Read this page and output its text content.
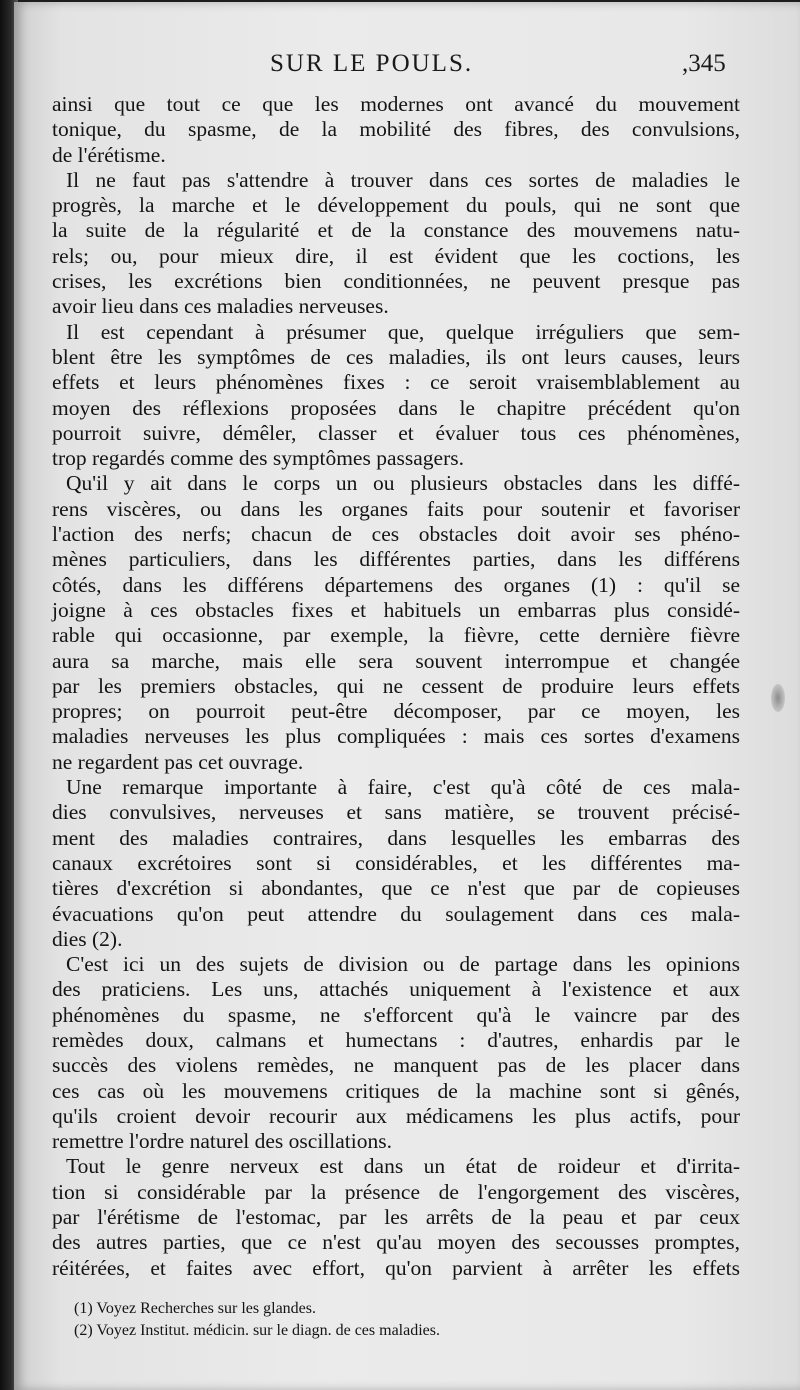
SUR LE POULS.	,345
ainsi que tout ce que les modernes ont avancé du mouvement
tonique, du spasme, de la mobilité des fibres, des convulsions,
de l'érétisme.
Il ne faut pas s'attendre à trouver dans ces sortes de maladies le
progrès, la marche et le développement du pouls, qui ne sont que
la suite de la régularité et de la constance des mouvemens natu-
rels; ou, pour mieux dire, il est évident que les coctions, les
crises, les excrétions bien conditionnées, ne peuvent presque pas
avoir lieu dans ces maladies nerveuses.
Il est cependant à présumer que, quelque irréguliers que sem-
blent être les symptômes de ces maladies, ils ont leurs causes, leurs
effets et leurs phénomènes fixes : ce seroit vraisemblablement au
moyen des réflexions proposées dans le chapitre précédent qu'on
pourroit suivre, démêler, classer et évaluer tous ces phénomènes,
trop regardés comme des symptômes passagers.
Qu'il y ait dans le corps un ou plusieurs obstacles dans les diffé-
rens viscères, ou dans les organes faits pour soutenir et favoriser
l'action des nerfs; chacun de ces obstacles doit avoir ses phéno-
mènes particuliers, dans les différentes parties, dans les différens
côtés, dans les différens départemens des organes (1) : qu'il se
joigne à ces obstacles fixes et habituels un embarras plus considé-
rable qui occasionne, par exemple, la fièvre, cette dernière fièvre
aura sa marche, mais elle sera souvent interrompue et changée
par les premiers obstacles, qui ne cessent de produire leurs effets
propres; on pourroit peut-être décomposer, par ce moyen, les
maladies nerveuses les plus compliquées : mais ces sortes d'examens
ne regardent pas cet ouvrage.
Une remarque importante à faire, c'est qu'à côté de ces mala-
dies convulsives, nerveuses et sans matière, se trouvent précisé-
ment des maladies contraires, dans lesquelles les embarras des
canaux excrétoires sont si considérables, et les différentes ma-
tières d'excrétion si abondantes, que ce n'est que par de copieuses
évacuations qu'on peut attendre du soulagement dans ces mala-
dies (2).
C'est ici un des sujets de division ou de partage dans les opinions
des praticiens. Les uns, attachés uniquement à l'existence et aux
phénomènes du spasme, ne s'efforcent qu'à le vaincre par des
remèdes doux, calmans et humectans : d'autres, enhardis par le
succès des violens remèdes, ne manquent pas de les placer dans
ces cas où les mouvemens critiques de la machine sont si gênés,
qu'ils croient devoir recourir aux médicamens les plus actifs, pour
remettre l'ordre naturel des oscillations.
Tout le genre nerveux est dans un état de roideur et d'irrita-
tion si considérable par la présence de l'engorgement des viscères,
par l'érétisme de l'estomac, par les arrêts de la peau et par ceux
des autres parties, que ce n'est qu'au moyen des secousses promptes,
réitérées, et faites avec effort, qu'on parvient à arrêter les effets
(1) Voyez Recherches sur les glandes.
(2) Voyez Institut. médicin. sur le diagn. de ces maladies.
